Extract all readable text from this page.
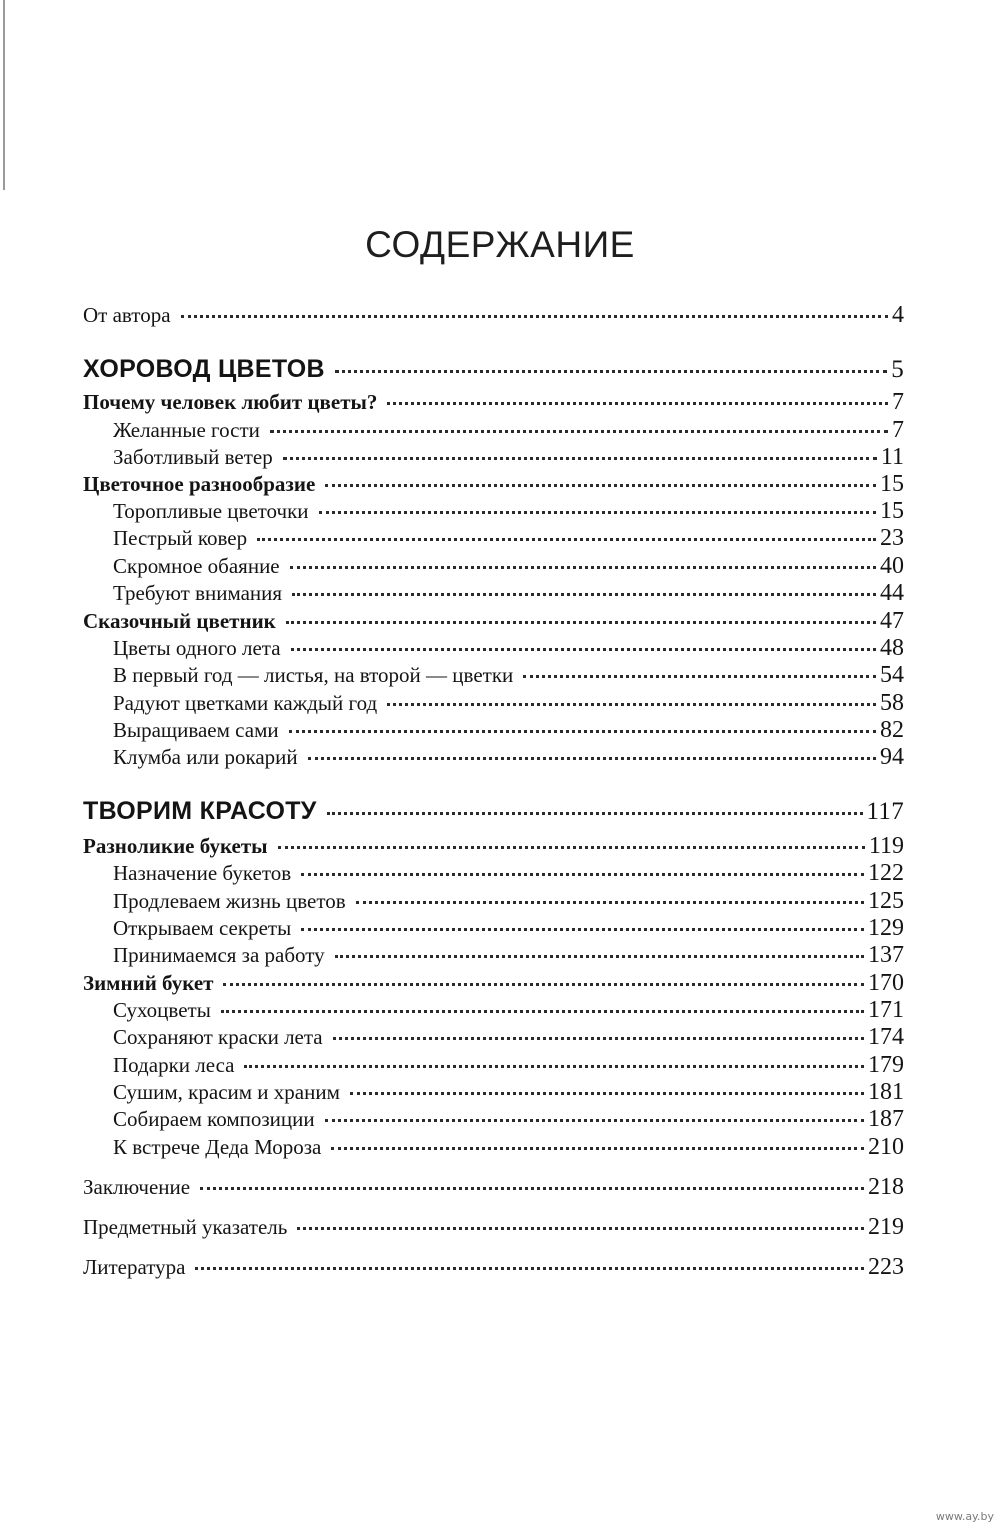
СОДЕРЖАНИЕ
От автора	4
ХОРОВОД ЦВЕТОВ	5
Почему человек любит цветы?	7
Желанные гости	7
Заботливый ветер	11
Цветочное разнообразие	15
Торопливые цветочки	15
Пестрый ковер	23
Скромное обаяние	40
Требуют внимания	44
Сказочный цветник	47
Цветы одного лета	48
В первый год — листья, на второй — цветки	54
Радуют цветками каждый год	58
Выращиваем сами	82
Клумба или рокарий	94
ТВОРИМ КРАСОТУ	117
Разноликие букеты	119
Назначение букетов	122
Продлеваем жизнь цветов	125
Открываем секреты	129
Принимаемся за работу	137
Зимний букет	170
Сухоцветы	171
Сохраняют краски лета	174
Подарки леса	179
Сушим, красим и храним	181
Собираем композиции	187
К встрече Деда Мороза	210
Заключение	218
Предметный указатель	219
Литература	223
www.ay.by
